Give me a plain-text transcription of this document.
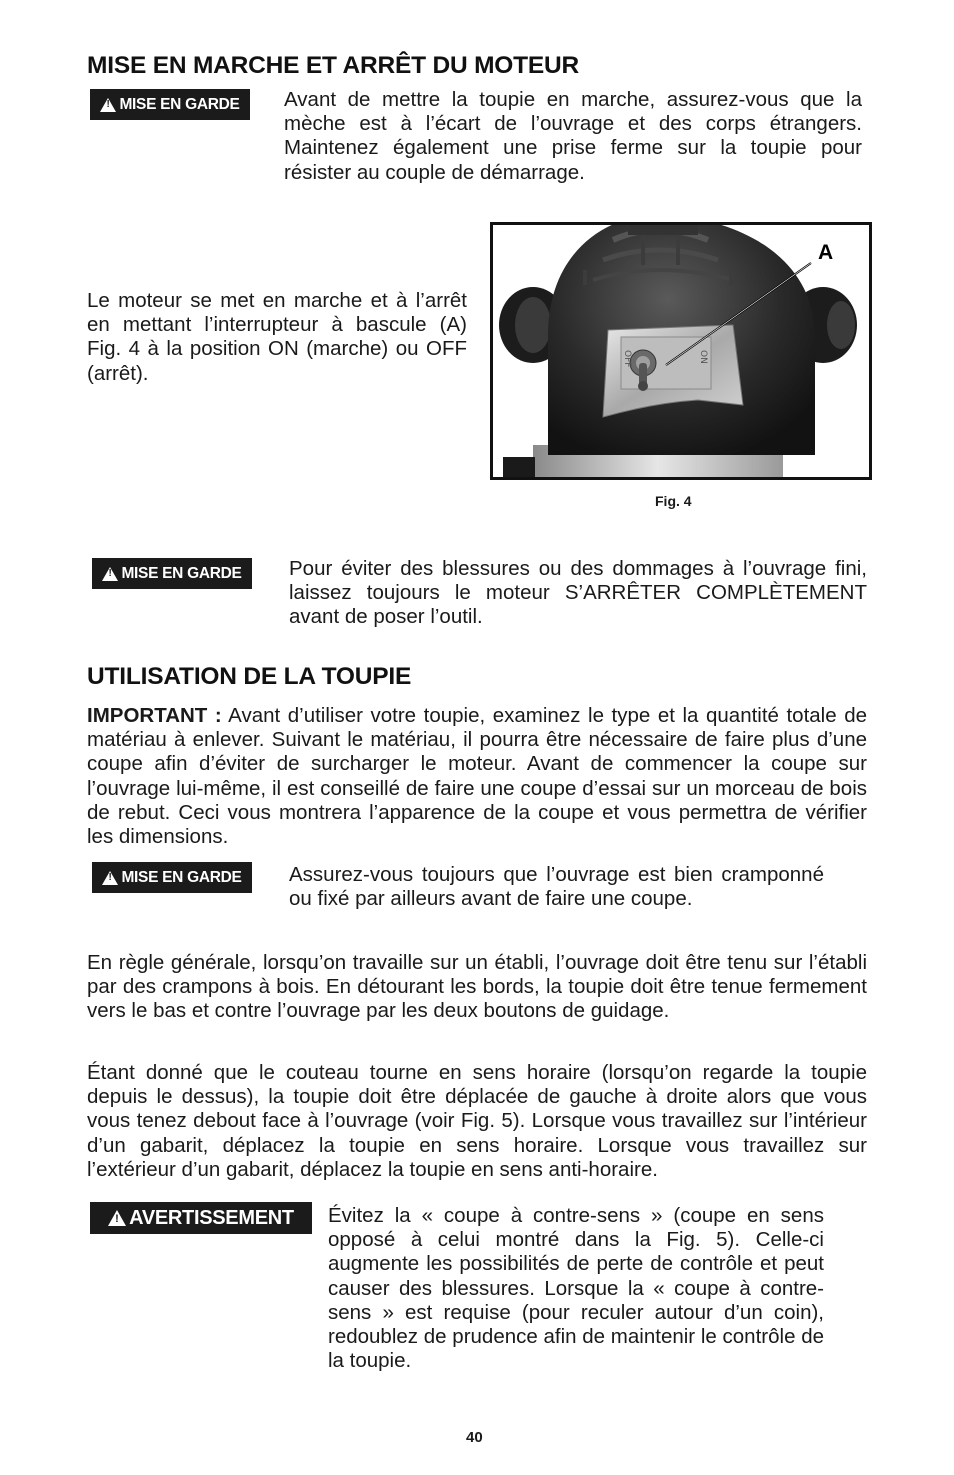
MISE EN MARCHE ET ARRÊT DU MOTEUR
!
MISE EN GARDE Avant de mettre la toupie en marche, assurez-vous que la mèche est à l’écart de l’ouvrage et des corps étrangers. Maintenez également une prise ferme sur la toupie pour résister au couple de démarrage.

Le moteur se met en marche et à l’arrêt en mettant l’interrupteur à bascule (A) Fig. 4 à la position ON (marche) ou OFF (arrêt).

OFF	ON
A
Fig. 4
!
MISE EN GARDE Pour éviter des blessures ou des dommages à l’ouvrage fini, laissez toujours le moteur S’ARRÊTER COMPLÈTEMENT avant de poser l’outil.

UTILISATION DE LA TOUPIE

IMPORTANT : Avant d’utiliser votre toupie, examinez le type et la quantité totale de matériau à enlever. Suivant le matériau, il pourra être nécessaire de faire plus d’une coupe afin d’éviter de surcharger le moteur. Avant de commencer la coupe sur l’ouvrage lui-même, il est conseillé de faire une coupe d’essai sur un morceau de bois de rebut. Ceci vous montrera l’apparence de la coupe et vous permettra de vérifier les dimensions.

!
MISE EN GARDE Assurez-vous toujours que l’ouvrage est bien cramponné ou fixé par ailleurs avant de faire une coupe.

En règle générale, lorsqu’on travaille sur un établi, l’ouvrage doit être tenu sur l’établi par des crampons à bois. En détourant les bords, la toupie doit être tenue fermement vers le bas et contre l’ouvrage par les deux boutons de guidage.

Étant donné que le couteau tourne en sens horaire (lorsqu’on regarde la toupie depuis le dessus), la toupie doit être déplacée de gauche à droite alors que vous vous tenez debout face à l’ouvrage (voir Fig. 5). Lorsque vous travaillez sur l’intérieur d’un gabarit, déplacez la toupie en sens horaire. Lorsque vous travaillez sur l’extérieur d’un gabarit, déplacez la toupie en sens anti-horaire.

!
AVERTISSEMENT Évitez la « coupe à contre-sens » (coupe en sens opposé à celui montré dans la Fig. 5). Celle-ci augmente les possibilités de perte de contrôle et peut causer des blessures. Lorsque la « coupe à contre-sens » est requise (pour reculer autour d’un coin), redoublez de prudence afin de maintenir le contrôle de la toupie.

40
